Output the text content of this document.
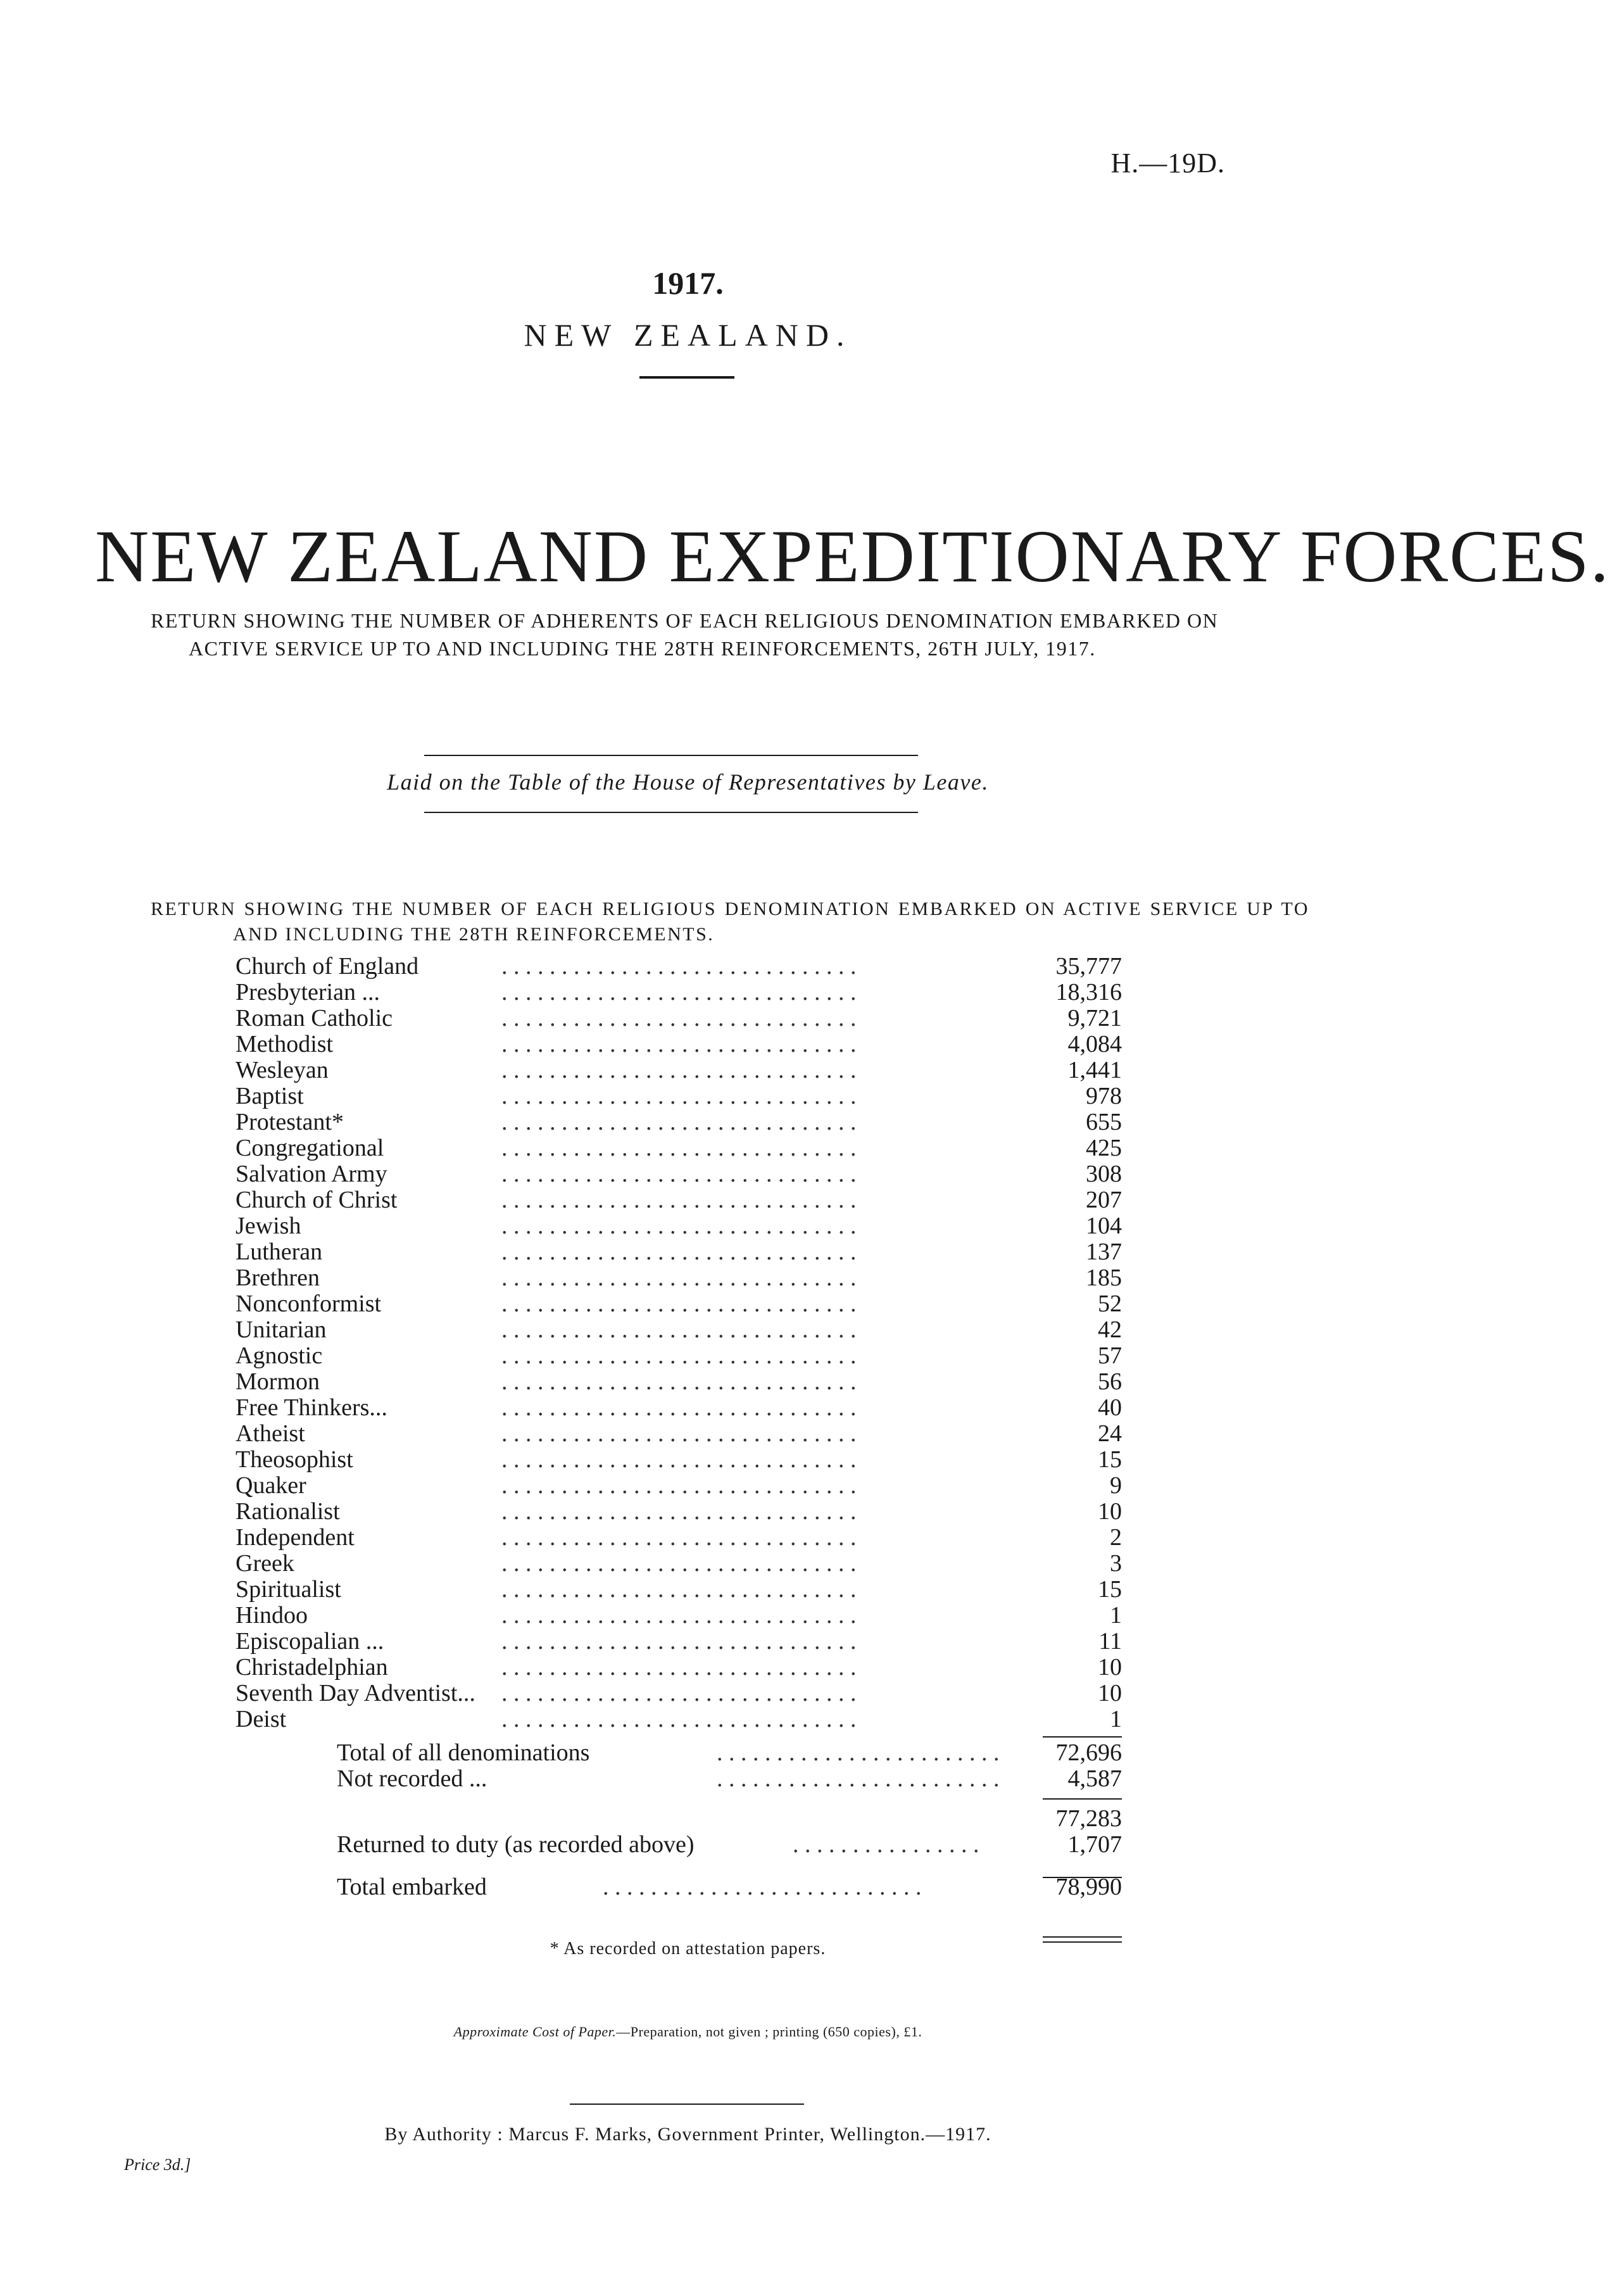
H.—19D.
1917.
NEW ZEALAND.
NEW ZEALAND EXPEDITIONARY FORCES.
RETURN SHOWING THE NUMBER OF ADHERENTS OF EACH RELIGIOUS DENOMINATION EMBARKED ON ACTIVE SERVICE UP TO AND INCLUDING THE 28TH REINFORCEMENTS, 26TH JULY, 1917.
Laid on the Table of the House of Representatives by Leave.
RETURN SHOWING THE NUMBER OF EACH RELIGIOUS DENOMINATION EMBARKED ON ACTIVE SERVICE UP TO AND INCLUDING THE 28TH REINFORCEMENTS.
. . . . . . . . . . . . . . . . . . . . . . . . . . . . . .
Church of England	35,777
. . . . . . . . . . . . . . . . . . . . . . . . . . . . . .
Presbyterian ...	18,316
. . . . . . . . . . . . . . . . . . . . . . . . . . . . . .
Roman Catholic	9,721
. . . . . . . . . . . . . . . . . . . . . . . . . . . . . .
Methodist	4,084
. . . . . . . . . . . . . . . . . . . . . . . . . . . . . .
Wesleyan	1,441
. . . . . . . . . . . . . . . . . . . . . . . . . . . . . .
Baptist	978
. . . . . . . . . . . . . . . . . . . . . . . . . . . . . .
Protestant*	655
. . . . . . . . . . . . . . . . . . . . . . . . . . . . . .
Congregational	425
. . . . . . . . . . . . . . . . . . . . . . . . . . . . . .
Salvation Army	308
. . . . . . . . . . . . . . . . . . . . . . . . . . . . . .
Church of Christ	207
. . . . . . . . . . . . . . . . . . . . . . . . . . . . . .
Jewish	104
. . . . . . . . . . . . . . . . . . . . . . . . . . . . . .
Lutheran	137
. . . . . . . . . . . . . . . . . . . . . . . . . . . . . .
Brethren	185
. . . . . . . . . . . . . . . . . . . . . . . . . . . . . .
Nonconformist	52
. . . . . . . . . . . . . . . . . . . . . . . . . . . . . .
Unitarian	42
. . . . . . . . . . . . . . . . . . . . . . . . . . . . . .
Agnostic	57
. . . . . . . . . . . . . . . . . . . . . . . . . . . . . .
Mormon	56
. . . . . . . . . . . . . . . . . . . . . . . . . . . . . .
Free Thinkers...	40
. . . . . . . . . . . . . . . . . . . . . . . . . . . . . .
Atheist	24
. . . . . . . . . . . . . . . . . . . . . . . . . . . . . .
Theosophist	15
. . . . . . . . . . . . . . . . . . . . . . . . . . . . . .
Quaker	9
. . . . . . . . . . . . . . . . . . . . . . . . . . . . . .
Rationalist	10
. . . . . . . . . . . . . . . . . . . . . . . . . . . . . .
Independent	2
. . . . . . . . . . . . . . . . . . . . . . . . . . . . . .
Greek	3
. . . . . . . . . . . . . . . . . . . . . . . . . . . . . .
Spiritualist	15
. . . . . . . . . . . . . . . . . . . . . . . . . . . . . .
Hindoo	1
. . . . . . . . . . . . . . . . . . . . . . . . . . . . . .
Episcopalian ...	11
. . . . . . . . . . . . . . . . . . . . . . . . . . . . . .
Christadelphian	10
. . . . . . . . . . . . . . . . . . . . . . . . . . . . . .
Seventh Day Adventist...	10
. . . . . . . . . . . . . . . . . . . . . . . . . . . . . .
Deist	1
. . . . . . . . . . . . . . . . . . . . . . . .
Total of all denominations	72,696
. . . . . . . . . . . . . . . . . . . . . . . .
Not recorded ...	4,587
77,283
. . . . . . . . . . . . . . . .
Returned to duty (as recorded above)	1,707
. . . . . . . . . . . . . . . . . . . . . . . . . . .
Total embarked	78,990
* As recorded on attestation papers.
Approximate Cost of Paper.—Preparation, not given ; printing (650 copies), £1.
By Authority : Marcus F. Marks, Government Printer, Wellington.—1917.
Price 3d.]
